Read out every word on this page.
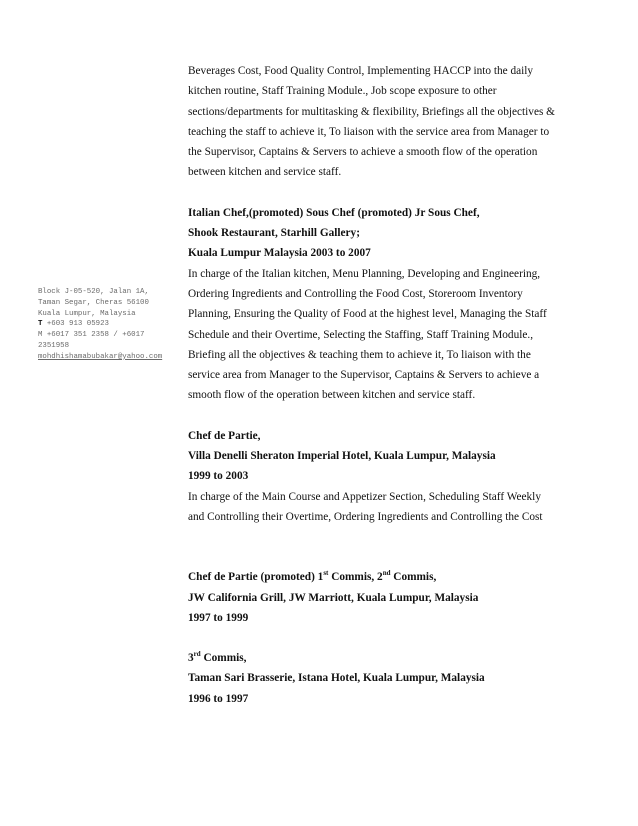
Block J-05-520, Jalan 1A,
Taman Segar, Cheras 56100
Kuala Lumpur, Malaysia
T +603 913 05923
M +6017 351 2358 / +6017
2351958
mohdhishamabubakar@yahoo.com

Beverages Cost, Food Quality Control, Implementing HACCP into the daily

kitchen routine, Staff Training Module., Job scope exposure to other

sections/departments for multitasking & flexibility, Briefings all the objectives &

teaching the staff to achieve it, To liaison with the service area from Manager to

the Supervisor, Captains & Servers to achieve a smooth flow of the operation

between kitchen and service staff.

Italian Chef,(promoted) Sous Chef (promoted) Jr Sous Chef,

Shook Restaurant, Starhill Gallery;

Kuala Lumpur Malaysia 2003 to 2007

In charge of the Italian kitchen, Menu Planning, Developing and Engineering,

Ordering Ingredients and Controlling the Food Cost, Storeroom Inventory

Planning, Ensuring the Quality of Food at the highest level, Managing the Staff

Schedule and their Overtime, Selecting the Staffing, Staff Training Module.,

Briefing all the objectives & teaching them to achieve it, To liaison with the

service area from Manager to the Supervisor, Captains & Servers to achieve a

smooth flow of the operation between kitchen and service staff.

Chef de Partie,

Villa Denelli Sheraton Imperial Hotel, Kuala Lumpur, Malaysia

1999 to 2003

In charge of the Main Course and Appetizer Section, Scheduling Staff Weekly

and Controlling their Overtime, Ordering Ingredients and Controlling the Cost

Chef de Partie (promoted) 1st Commis, 2nd Commis,

JW California Grill, JW Marriott, Kuala Lumpur, Malaysia

1997 to 1999

3rd Commis,

Taman Sari Brasserie, Istana Hotel, Kuala Lumpur, Malaysia

1996 to 1997
